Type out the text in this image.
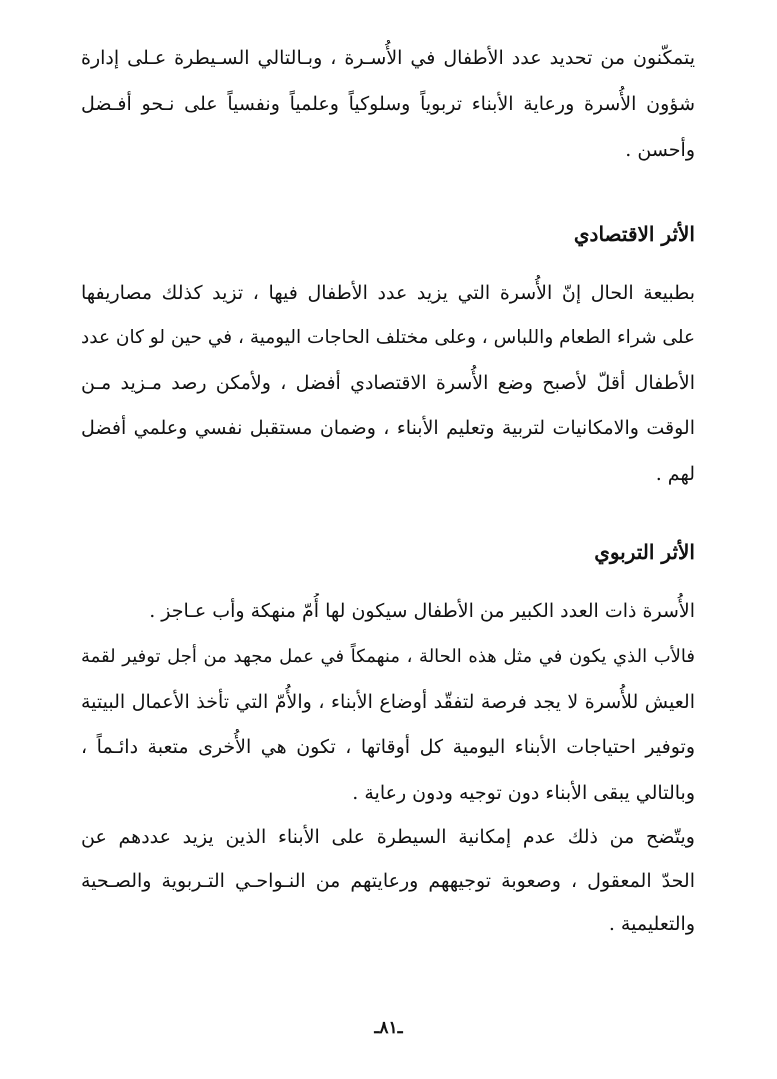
يتمكّنون من تحديد عدد الأطفال في الأُسـرة ، وبـالتالي السـيطرة عـلى إدارة
شؤون الأُسرة ورعاية الأبناء تربوياً وسلوكياً وعلمياً ونفسياً على نـحو أفـضل
وأحسن .
الأثر الاقتصادي
بطبيعة الحال إنّ الأُسرة التي يزيد عدد الأطفال فيها ، تزيد كذلك مصاريفها
على شراء الطعام واللباس ، وعلى مختلف الحاجات اليومية ، في حين لو كان عدد
الأطفال أقلّ لأصبح وضع الأُسرة الاقتصادي أفضل ، ولأمكن رصد مـزيد مـن
الوقت والامكانيات لتربية وتعليم الأبناء ، وضمان مستقبل نفسي وعلمي أفضل
لهم .
الأثر التربوي
الأُسرة ذات العدد الكبير من الأطفال سيكون لها أُمّ منهكة وأب عـاجز .
فالأب الذي يكون في مثل هذه الحالة ، منهمكاً في عمل مجهد من أجل توفير لقمة
العيش للأُسرة لا يجد فرصة لتفقّد أوضاع الأبناء ، والأُمّ التي تأخذ الأعمال البيتية
وتوفير احتياجات الأبناء اليومية كل أوقاتها ، تكون هي الأُخرى متعبة دائـماً ،
وبالتالي يبقى الأبناء دون توجيه ودون رعاية .
ويتّضح من ذلك عدم إمكانية السيطرة على الأبناء الذين يزيد عددهم عن
الحدّ المعقول ، وصعوبة توجيههم ورعايتهم من النـواحـي التـربوية والصـحية
والتعليمية .
ـ٨١ـ
